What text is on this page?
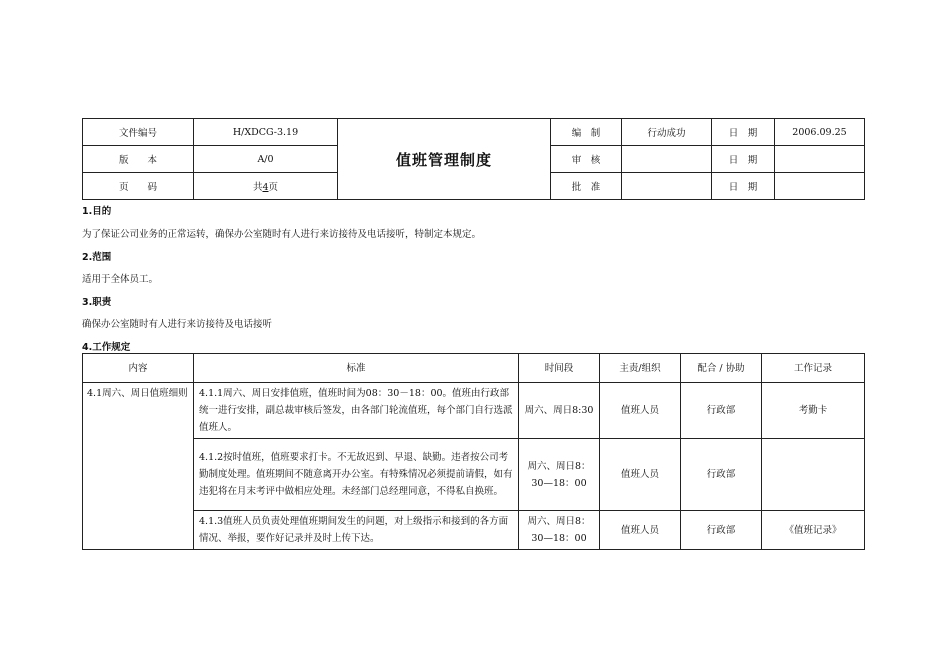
文件编号	H/XDCG-3.19	值班管理制度	编　制	行动成功	日　期	2006.09.25
版　　本	A/0		审　核		日　期	
页　　码	共4页		批　准		日　期	
1.目的
为了保证公司业务的正常运转，确保办公室随时有人进行来访接待及电话接听，特制定本规定。
2.范围
适用于全体员工。
3.职责
确保办公室随时有人进行来访接待及电话接听
4.工作规定
内容	标准	时间段	主责/组织	配合 / 协助	工作记录
4.1周六、周日值班细则	4.1.1周六、周日安排值班，值班时间为08：30－18：00。值班由行政部统一进行安排，副总裁审核后签发，由各部门轮流值班，每个部门自行选派值班人。	周六、周日8:30	值班人员	行政部	考勤卡
	4.1.2按时值班，值班要求打卡。不无故迟到、早退、缺勤。违者按公司考勤制度处理。值班期间不随意离开办公室。有特殊情况必须提前请假，如有违犯将在月末考评中做相应处理。未经部门总经理同意，不得私自换班。	周六、周日8：30—18：00	值班人员	行政部	
	4.1.3值班人员负责处理值班期间发生的问题，对上级指示和接到的各方面情况、举报，要作好记录并及时上传下达。	周六、周日8：30—18：00	值班人员	行政部	《值班记录》
